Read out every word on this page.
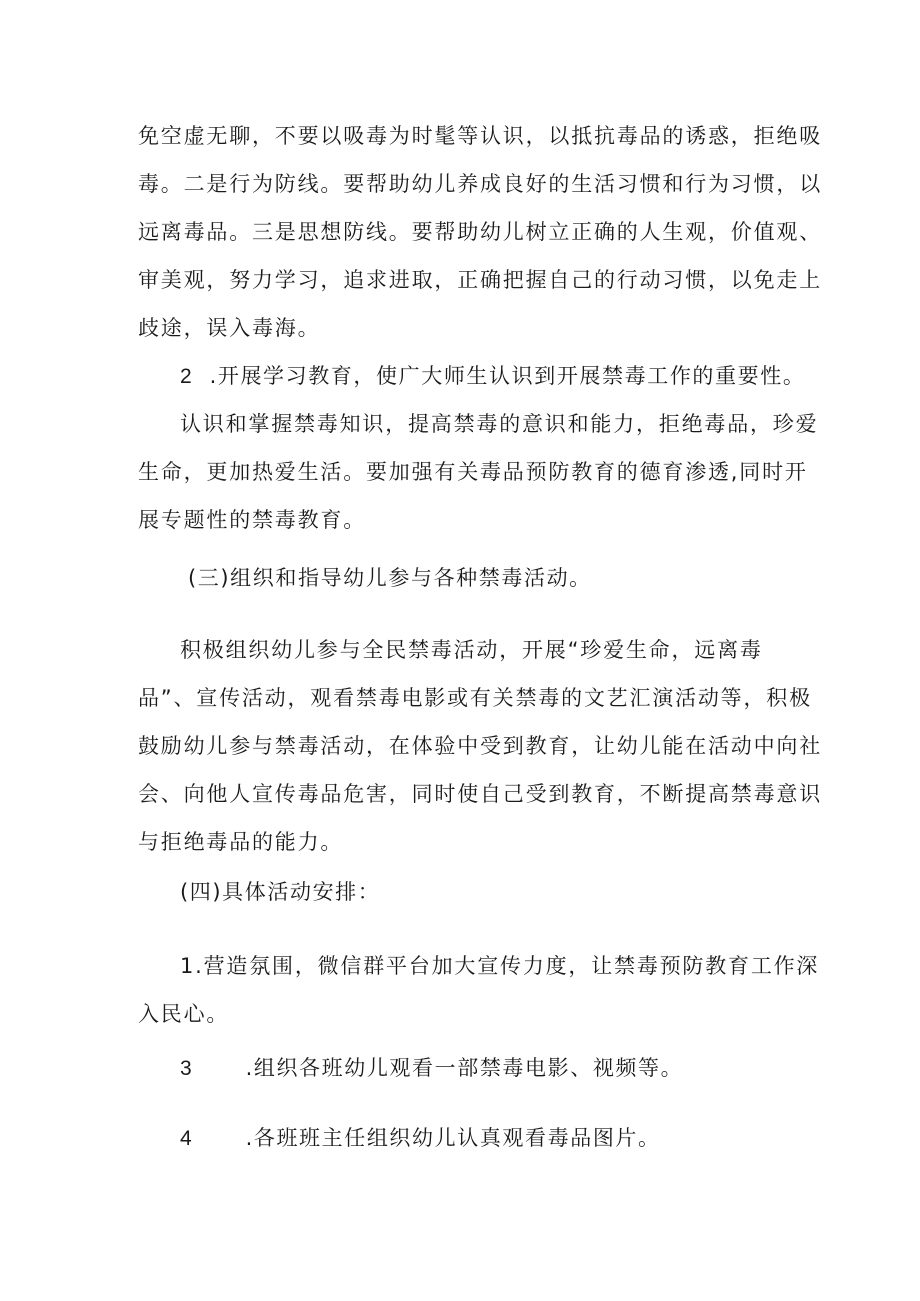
免空虚无聊，不要以吸毒为时髦等认识，以抵抗毒品的诱惑，拒绝吸
毒。二是行为防线。要帮助幼儿养成良好的生活习惯和行为习惯，以
远离毒品。三是思想防线。要帮助幼儿树立正确的人生观，价值观、
审美观，努力学习，追求进取，正确把握自己的行动习惯，以免走上
歧途，误入毒海。
2 .开展学习教育，使广大师生认识到开展禁毒工作的重要性。
认识和掌握禁毒知识，提高禁毒的意识和能力，拒绝毒品，珍爱
生命，更加热爱生活。要加强有关毒品预防教育的德育渗透,同时开
展专题性的禁毒教育。
(三)组织和指导幼儿参与各种禁毒活动。
积极组织幼儿参与全民禁毒活动，开展“珍爱生命，远离毒
品”、宣传活动，观看禁毒电影或有关禁毒的文艺汇演活动等，积极
鼓励幼儿参与禁毒活动，在体验中受到教育，让幼儿能在活动中向社
会、向他人宣传毒品危害，同时使自己受到教育，不断提高禁毒意识
与拒绝毒品的能力。
(四)具体活动安排：
1.营造氛围，微信群平台加大宣传力度，让禁毒预防教育工作深
入民心。
3 .组织各班幼儿观看一部禁毒电影、视频等。
4 .各班班主任组织幼儿认真观看毒品图片。
